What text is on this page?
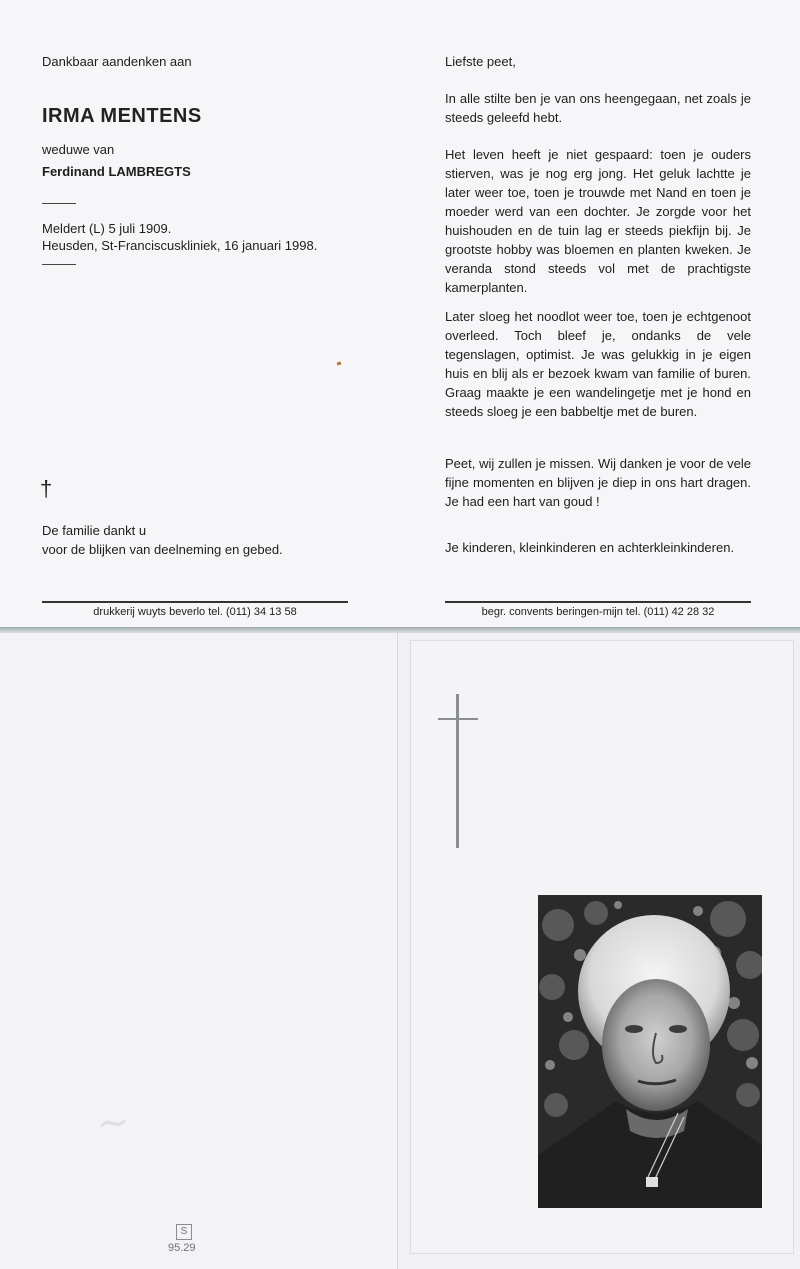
Dankbaar aandenken aan
IRMA MENTENS
weduwe van
Ferdinand LAMBREGTS
Meldert (L) 5 juli 1909.
Heusden, St-Franciscuskliniek, 16 januari 1998.
†
De familie dankt u
voor de blijken van deelneming en gebed.
drukkerij wuyts beverlo tel. (011) 34 13 58
Liefste peet,
In alle stilte ben je van ons heengegaan, net zoals je steeds geleefd hebt.
Het leven heeft je niet gespaard: toen je ouders stierven, was je nog erg jong. Het geluk lachtte je later weer toe, toen je trouwde met Nand en toen je moeder werd van een dochter. Je zorgde voor het huishouden en de tuin lag er steeds piekfijn bij. Je grootste hobby was bloemen en planten kweken. Je veranda stond steeds vol met de prachtigste kamerplanten.
Later sloeg het noodlot weer toe, toen je echtgenoot overleed. Toch bleef je, ondanks de vele tegenslagen, optimist. Je was gelukkig in je eigen huis en blij als er bezoek kwam van familie of buren. Graag maakte je een wandelingetje met je hond en steeds sloeg je een babbeltje met de buren.
Peet, wij zullen je missen. Wij danken je voor de vele fijne momenten en blijven je diep in ons hart dragen. Je had een hart van goud !
Je kinderen, kleinkinderen en achterkleinkinderen.
begr. convents beringen-mijn tel. (011) 42 28 32
~
S
95.29
